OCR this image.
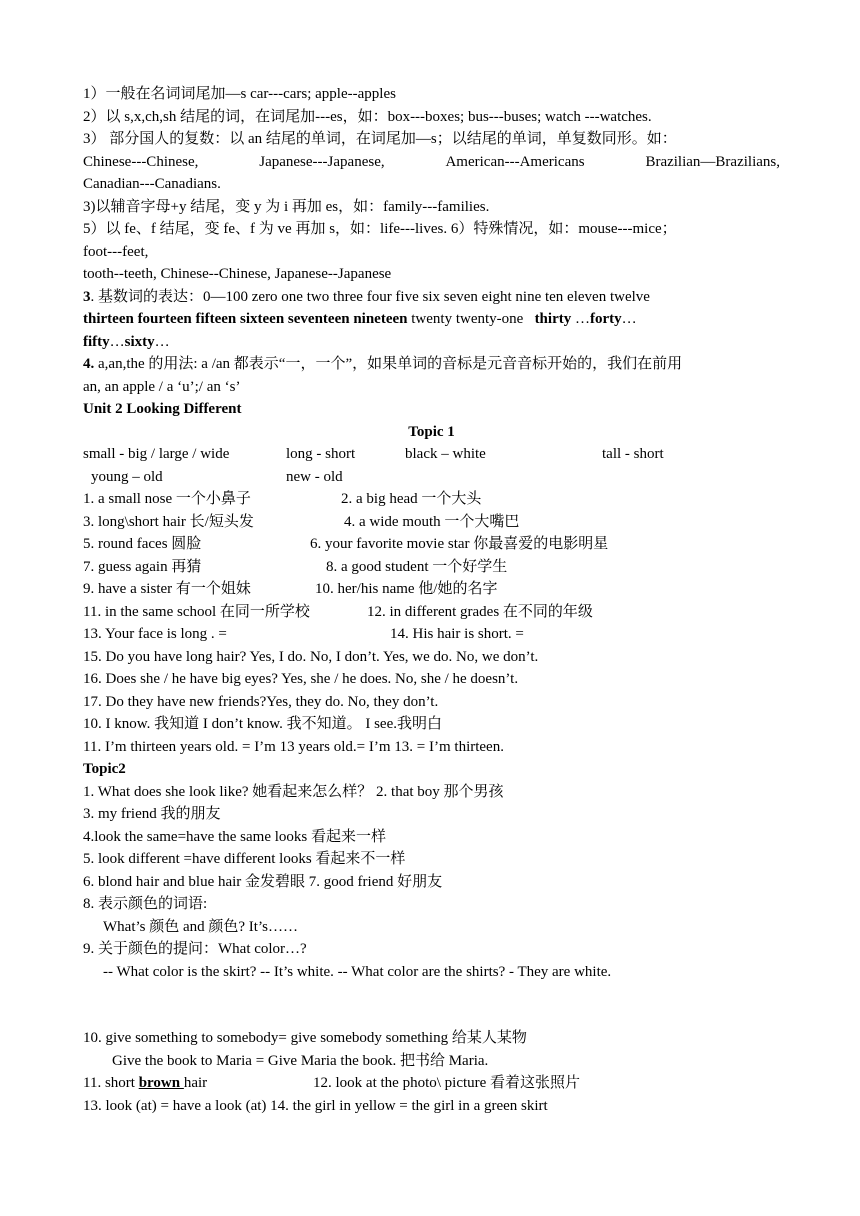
1）一般在名词词尾加—s car---cars; apple--apples
2）以 s,x,ch,sh 结尾的词，在词尾加---es，如：box---boxes; bus---buses; watch ---watches.
3） 部分国人的复数：以 an 结尾的单词，在词尾加—s；以结尾的单词，单复数同形。如：
Chinese---Chinese,	Japanese---Japanese,	American---Americans	Brazilian—Brazilians,
Canadian---Canadians.
3)以辅音字母+y 结尾，变 y 为 i 再加 es，如：family---families.
5）以 fe、f 结尾，变 fe、f 为 ve 再加 s，如：life---lives. 6）特殊情况，如：mouse---mice；
foot---feet,
tooth--teeth, Chinese--Chinese, Japanese--Japanese
3. 基数词的表达：0—100 zero one two three four five six seven eight nine ten eleven twelve
thirteen fourteen fifteen sixteen seventeen nineteen twenty twenty-one   thirty …forty…
fifty…sixty…
4. a,an,the 的用法: a /an 都表示“一，一个”，如果单词的音标是元音音标开始的，我们在前用
an, an apple / a ‘u’;/ an ‘s’
Unit 2 Looking Different
Topic 1
small - big / large / wide	long - short	black – white	tall - short
young – old	new - old
1. a small nose 一个小鼻子	2. a big head 一个大头
3. long\short hair 长/短头发	4. a wide mouth 一个大嘴巴
5. round faces 圆脸	6. your favorite movie star 你最喜爱的电影明星
7. guess again 再猜	8. a good student 一个好学生
9. have a sister 有一个姐妹	10. her/his name 他/她的名字
11. in the same school 在同一所学校	12. in different grades 在不同的年级
13. Your face is long . =	14. His hair is short. =
15. Do you have long hair? Yes, I do. No, I don’t. Yes, we do. No, we don’t.
16. Does she / he have big eyes? Yes, she / he does. No, she / he doesn’t.
17. Do they have new friends?Yes, they do. No, they don’t.
10. I know. 我知道 I don’t know. 我不知道。 I see.我明白
11. I’m thirteen years old. = I’m 13 years old.= I’m 13. = I’m thirteen.
Topic2
1. What does she look like? 她看起来怎么样？ 2. that boy 那个男孩
3. my friend 我的朋友
4.look the same=have the same looks 看起来一样
5. look different =have different looks 看起来不一样
6. blond hair and blue hair 金发碧眼 7. good friend 好朋友
8. 表示颜色的词语:
What’s 颜色 and 颜色? It’s……
9. 关于颜色的提问：What color…?
-- What color is the skirt? -- It’s white. -- What color are the shirts? - They are white.
10. give something to somebody= give somebody something 给某人某物
Give the book to Maria = Give Maria the book. 把书给 Maria.
11. short brown hair	12. look at the photo\ picture 看着这张照片
13. look (at) = have a look (at) 14. the girl in yellow = the girl in a green skirt
